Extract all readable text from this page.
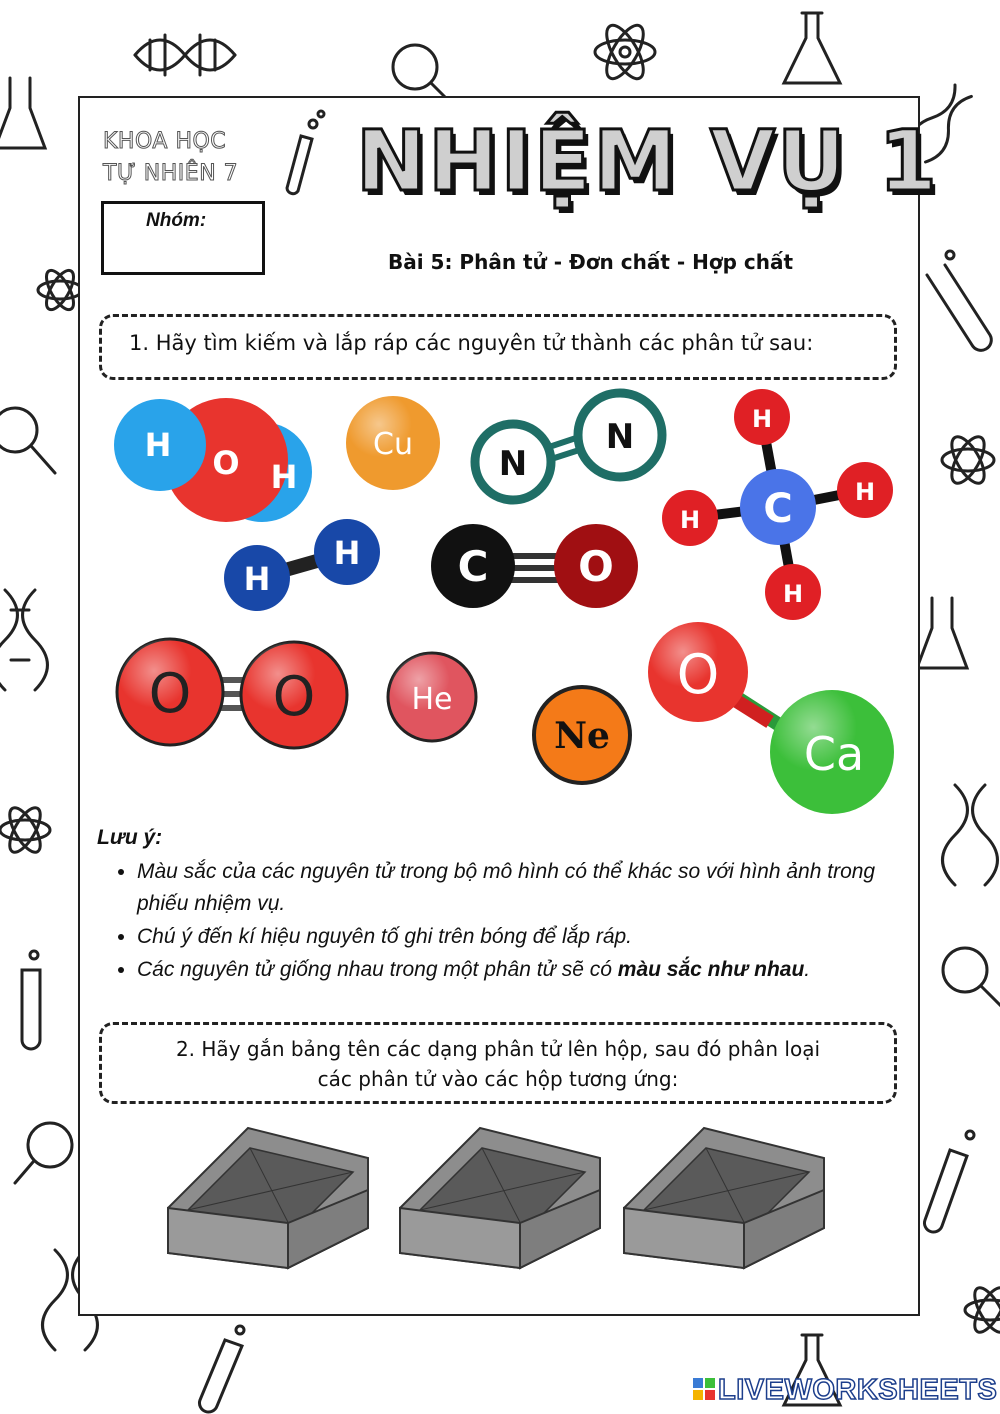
KHOA HỌC
TỰ NHIÊN 7
Nhóm:
NHIỆM VỤ 1
Bài 5: Phân tử - Đơn chất - Hợp chất
1. Hãy tìm kiếm và lắp ráp các nguyên tử thành các phân tử sau:
H O H
Cu	N
N	H
H C	H
H
H
H C O
O O	He
Ne
O
Ca
Lưu ý:
• Màu sắc của các nguyên tử trong bộ mô hình có thể khác so với hình ảnh trong phiếu nhiệm vụ.
• Chú ý đến kí hiệu nguyên tố ghi trên bóng để lắp ráp.
• Các nguyên tử giống nhau trong một phân tử sẽ có màu sắc như nhau.
2. Hãy gắn bảng tên các dạng phân tử lên hộp, sau đó phân loại
các phân tử vào các hộp tương ứng:
LIVEWORKSHEETS
